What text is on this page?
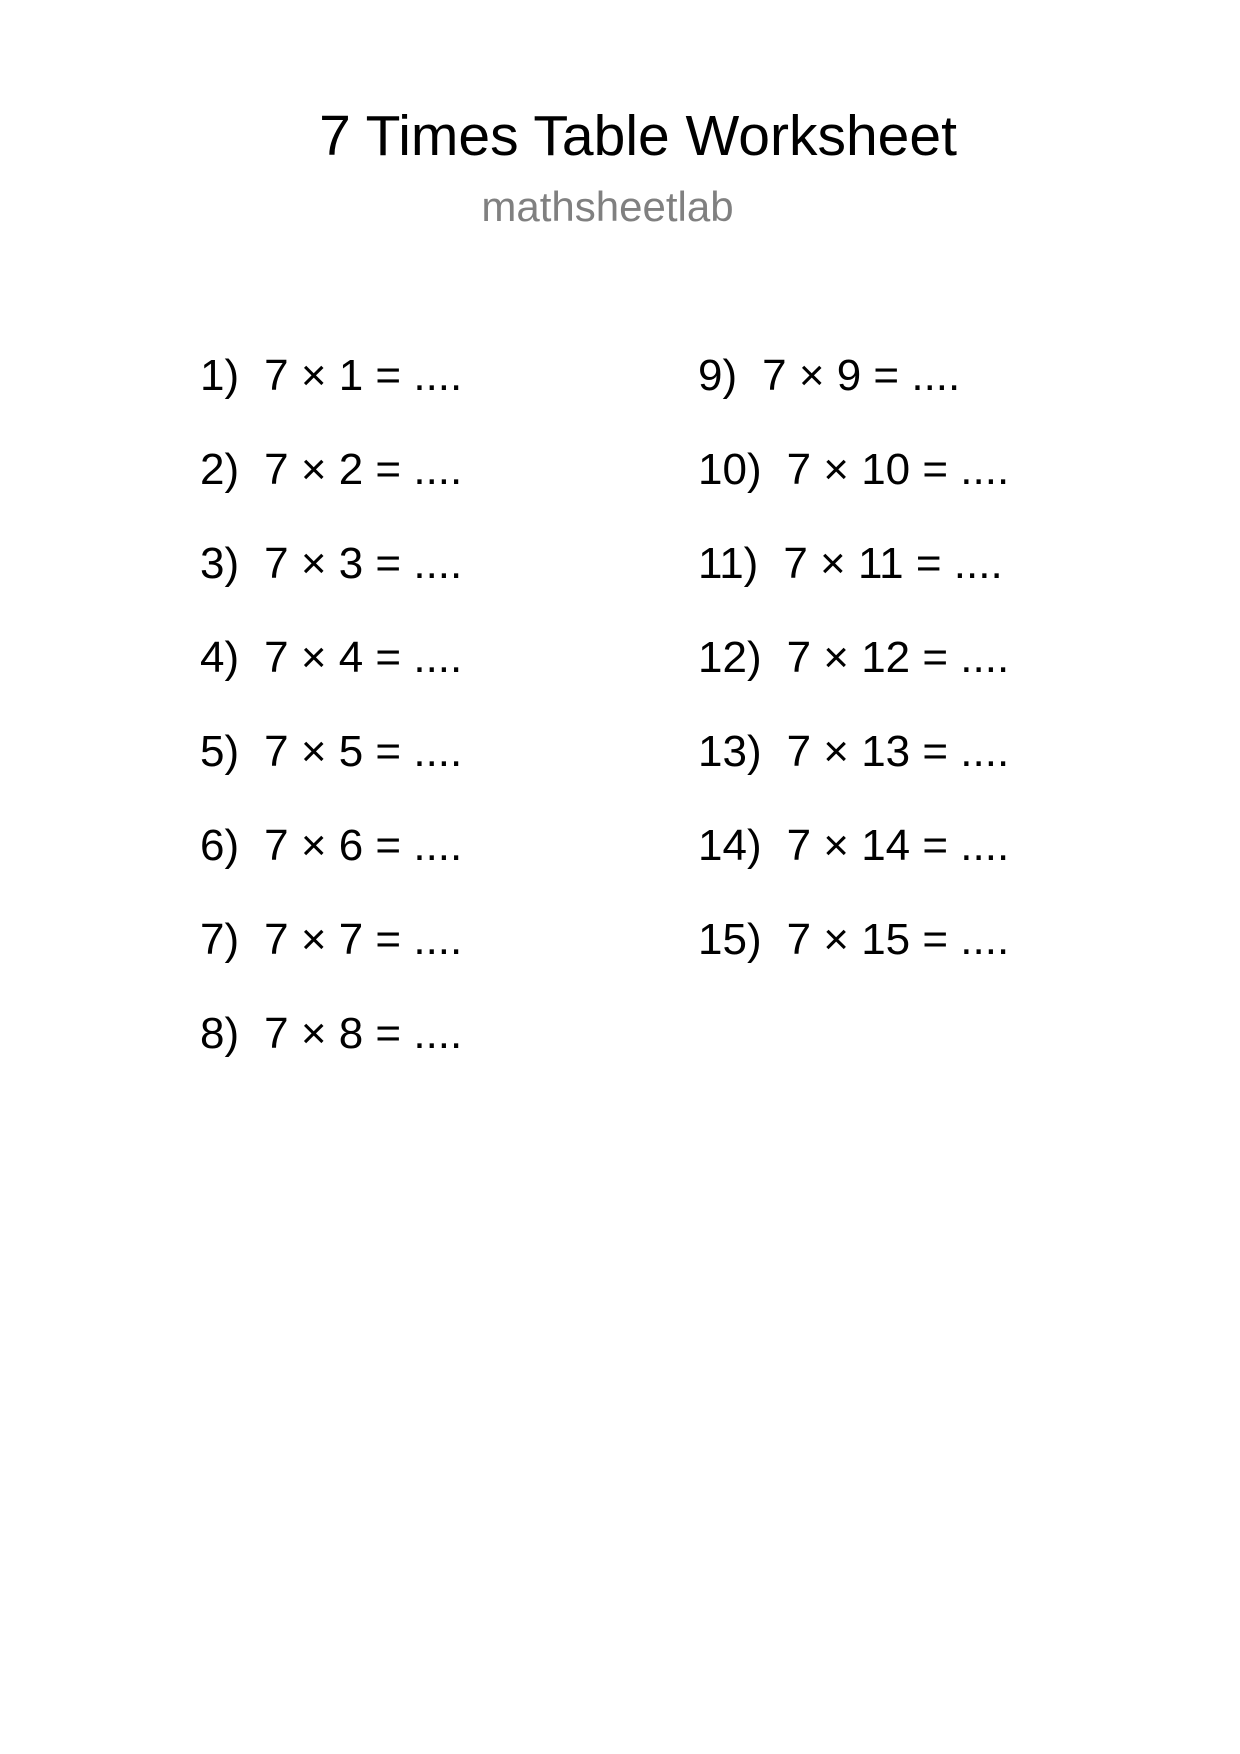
7 Times Table Worksheet
mathsheetlab
1) 7 × 1 = ....
2) 7 × 2 = ....
3) 7 × 3 = ....
4) 7 × 4 = ....
5) 7 × 5 = ....
6) 7 × 6 = ....
7) 7 × 7 = ....
8) 7 × 8 = ....
9) 7 × 9 = ....
10) 7 × 10 = ....
11) 7 × 11 = ....
12) 7 × 12 = ....
13) 7 × 13 = ....
14) 7 × 14 = ....
15) 7 × 15 = ....
